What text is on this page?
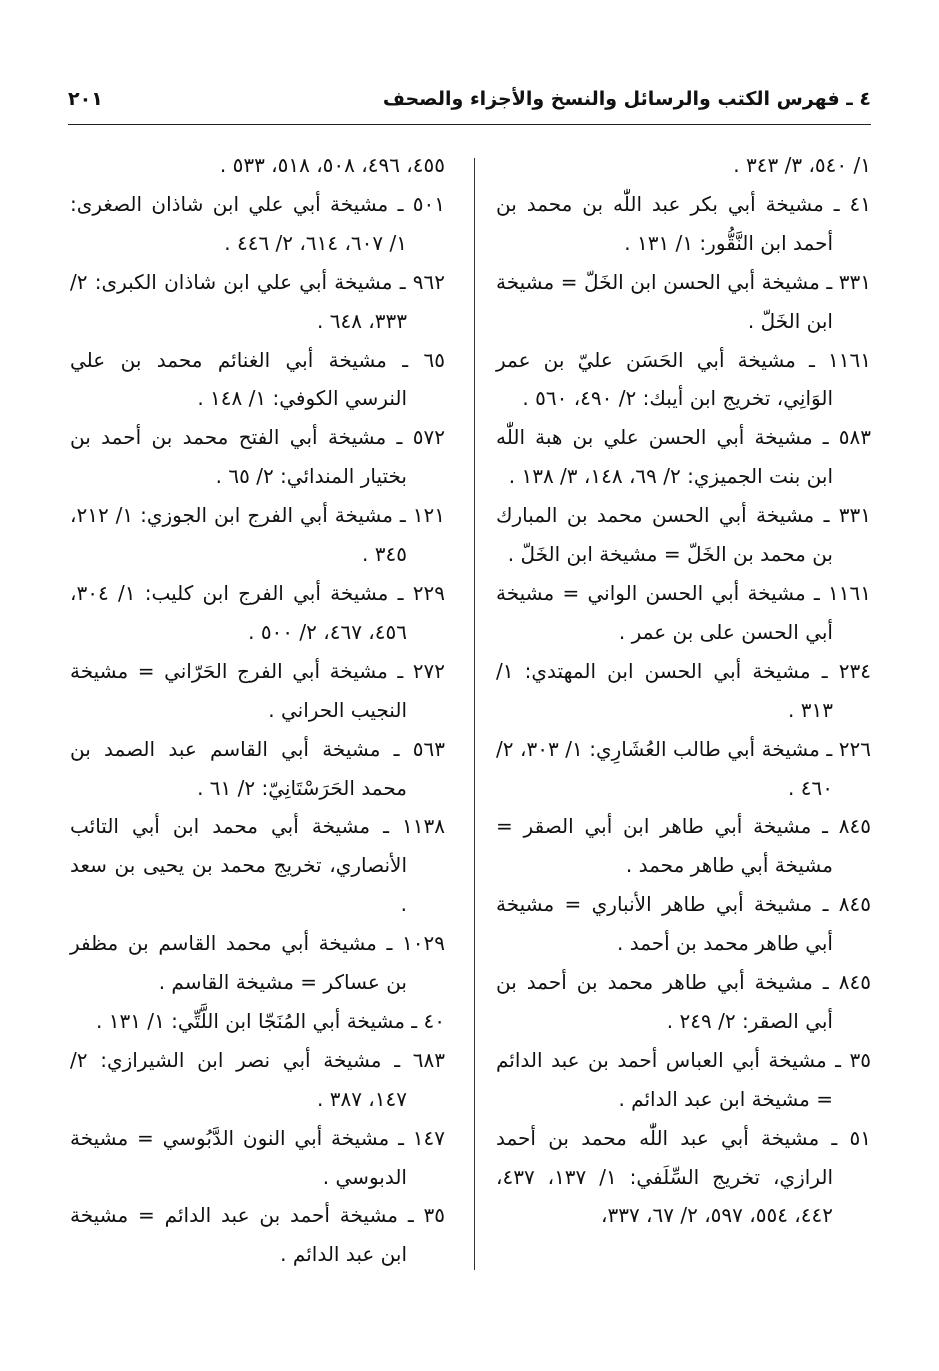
٤ ـ فهرس الكتب والرسائل والنسخ والأجزاء والصحف
٢٠١

١/ ٥٤٠، ٣/ ٣٤٣ .

٤١ ـ مشيخة أبي بكر عبد اللّٰه بن محمد بن أحمد ابن النَّقُّور: ١/ ١٣١ .

٣٣١ ـ مشيخة أبي الحسن ابن الخَلّ = مشيخة ابن الخَلّ .

١١٦١ ـ مشيخة أبي الحَسَن عليّ بن عمر الوَانِي، تخريج ابن أيبك: ٢/ ٤٩٠، ٥٦٠ .

٥٨٣ ـ مشيخة أبي الحسن علي بن هبة اللّٰه ابن بنت الجميزي: ٢/ ٦٩، ١٤٨، ٣/ ١٣٨ .

٣٣١ ـ مشيخة أبي الحسن محمد بن المبارك بن محمد بن الخَلّ = مشيخة ابن الخَلّ .

١١٦١ ـ مشيخة أبي الحسن الواني = مشيخة أبي الحسن على بن عمر .

٢٣٤ ـ مشيخة أبي الحسن ابن المهتدي: ١/ ٣١٣ .

٢٢٦ ـ مشيخة أبي طالب العُشَارِي: ١/ ٣٠٣، ٢/ ٤٦٠ .

٨٤٥ ـ مشيخة أبي طاهر ابن أبي الصقر = مشيخة أبي طاهر محمد .

٨٤٥ ـ مشيخة أبي طاهر الأنباري = مشيخة أبي طاهر محمد بن أحمد .

٨٤٥ ـ مشيخة أبي طاهر محمد بن أحمد بن أبي الصقر: ٢/ ٢٤٩ .

٣٥ ـ مشيخة أبي العباس أحمد بن عبد الدائم = مشيخة ابن عبد الدائم .

٥١ ـ مشيخة أبي عبد اللّٰه محمد بن أحمد الرازي، تخريج السِّلَفي: ١/ ١٣٧، ٤٣٧، ٤٤٢، ٥٥٤، ٥٩٧، ٢/ ٦٧، ٣٣٧،

٤٥٥، ٤٩٦، ٥٠٨، ٥١٨، ٥٣٣ .

٥٠١ ـ مشيخة أبي علي ابن شاذان الصغرى: ١/ ٦٠٧، ٦١٤، ٢/ ٤٤٦ .

٩٦٢ ـ مشيخة أبي علي ابن شاذان الكبرى: ٢/ ٣٣٣، ٦٤٨ .

٦٥ ـ مشيخة أبي الغنائم محمد بن علي النرسي الكوفي: ١/ ١٤٨ .

٥٧٢ ـ مشيخة أبي الفتح محمد بن أحمد بن بختيار المندائي: ٢/ ٦٥ .

١٢١ ـ مشيخة أبي الفرج ابن الجوزي: ١/ ٢١٢، ٣٤٥ .

٢٢٩ ـ مشيخة أبي الفرج ابن كليب: ١/ ٣٠٤، ٤٥٦، ٤٦٧، ٢/ ٥٠٠ .

٢٧٢ ـ مشيخة أبي الفرج الحَرّاني = مشيخة النجيب الحراني .

٥٦٣ ـ مشيخة أبي القاسم عبد الصمد بن محمد الحَرَسْتَانِيّ: ٢/ ٦١ .

١١٣٨ ـ مشيخة أبي محمد ابن أبي التائب الأنصاري، تخريج محمد بن يحيى بن سعد .

١٠٢٩ ـ مشيخة أبي محمد القاسم بن مظفر بن عساكر = مشيخة القاسم .

٤٠ ـ مشيخة أبي المُنَجّا ابن اللَّتِّي: ١/ ١٣١ .

٦٨٣ ـ مشيخة أبي نصر ابن الشيرازي: ٢/ ١٤٧، ٣٨٧ .

١٤٧ ـ مشيخة أبي النون الدَّبُوسي = مشيخة الدبوسي .

٣٥ ـ مشيخة أحمد بن عبد الدائم = مشيخة ابن عبد الدائم .
